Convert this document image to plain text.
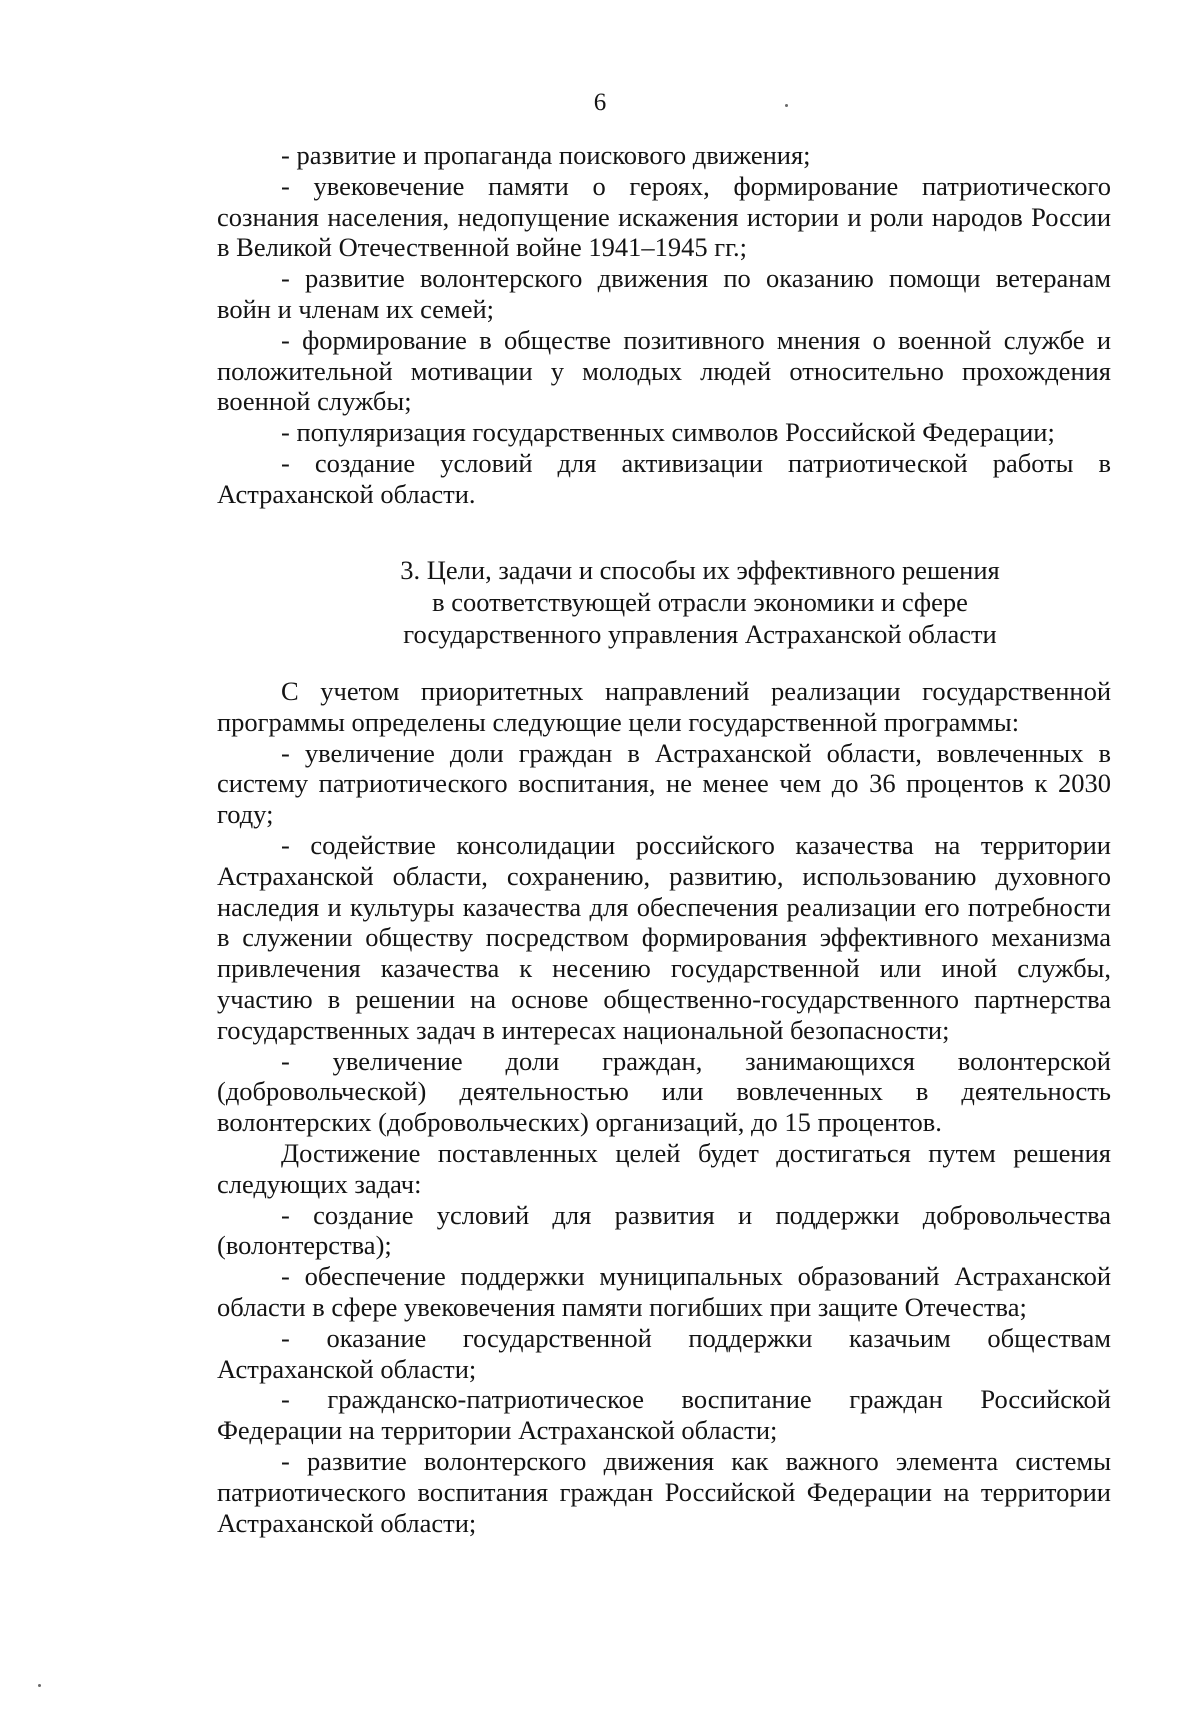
6

- развитие и пропаганда поискового движения;

- увековечение памяти о героях, формирование патриотического сознания населения, недопущение искажения истории и роли народов России в Великой Отечественной войне 1941–1945 гг.;

- развитие волонтерского движения по оказанию помощи ветеранам войн и членам их семей;

- формирование в обществе позитивного мнения о военной службе и положительной мотивации у молодых людей относительно прохождения военной службы;

- популяризация государственных символов Российской Федерации;

- создание условий для активизации патриотической работы в Астраханской области.

3. Цели, задачи и способы их эффективного решения
в соответствующей отрасли экономики и сфере
государственного управления Астраханской области

С учетом приоритетных направлений реализации государственной программы определены следующие цели государственной программы:

- увеличение доли граждан в Астраханской области, вовлеченных в систему патриотического воспитания, не менее чем до 36 процентов к 2030 году;

- содействие консолидации российского казачества на территории Астраханской области, сохранению, развитию, использованию духовного наследия и культуры казачества для обеспечения реализации его потребности в служении обществу посредством формирования эффективного механизма привлечения казачества к несению государственной или иной службы, участию в решении на основе общественно-государственного партнерства государственных задач в интересах национальной безопасности;

- увеличение доли граждан, занимающихся волонтерской (добровольческой) деятельностью или вовлеченных в деятельность волонтерских (добровольческих) организаций, до 15 процентов.

Достижение поставленных целей будет достигаться путем решения следующих задач:

- создание условий для развития и поддержки добровольчества (волонтерства);

- обеспечение поддержки муниципальных образований Астраханской области в сфере увековечения памяти погибших при защите Отечества;

- оказание государственной поддержки казачьим обществам Астраханской области;

- гражданско-патриотическое воспитание граждан Российской Федерации на территории Астраханской области;

- развитие волонтерского движения как важного элемента системы патриотического воспитания граждан Российской Федерации на территории Астраханской области;
